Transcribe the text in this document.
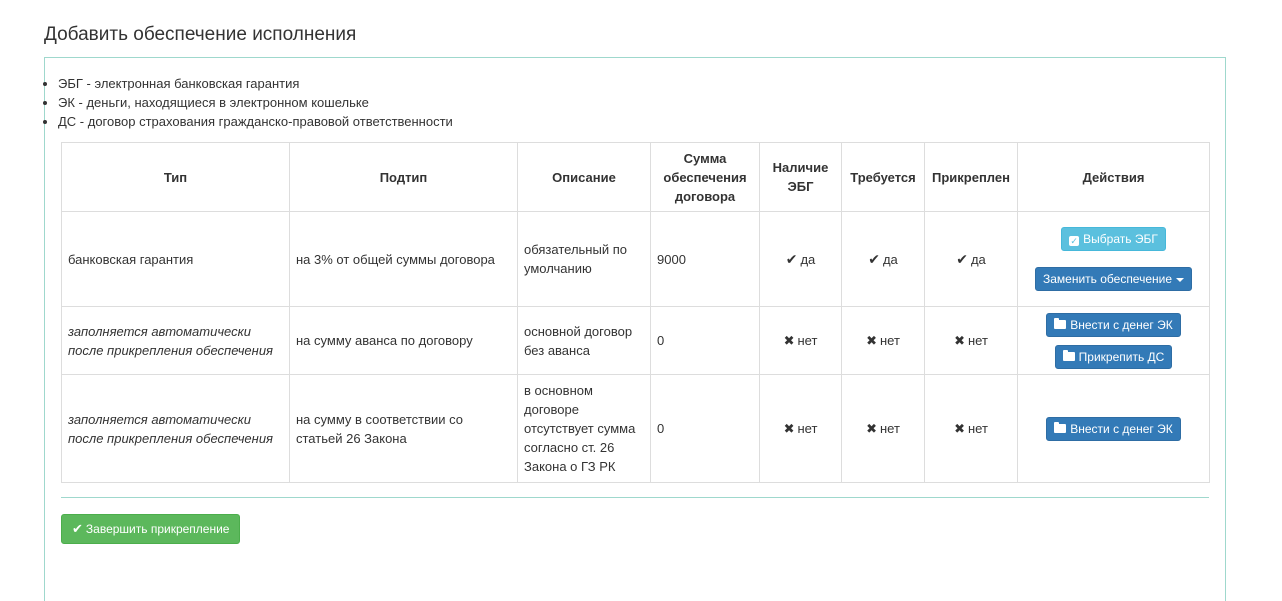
Добавить обеспечение исполнения
• ЭБГ - электронная банковская гарантия
• ЭК - деньги, находящиеся в электронном кошельке
• ДС - договор страхования гражданско-правовой ответственности
Тип	Подтип	Описание	Сумма обеспечения договора	Наличие ЭБГ	Требуется	Прикреплен	Действия
банковская гарантия	на 3% от общей суммы договора	обязательный по умолчанию	9000	✔ да	✔ да	✔ да	✓ Выбрать ЭБГ
Заменить обеспечение
заполняется автоматически после прикрепления обеспечения	на сумму аванса по договору	основной договор без аванса	0	✖ нет	✖ нет	✖ нет	Внести с денег ЭК
Прикрепить ДС
заполняется автоматически после прикрепления обеспечения	на сумму в соответствии со статьей 26 Закона	в основном договоре отсутствует сумма согласно ст. 26 Закона о ГЗ РК	0	✖ нет	✖ нет	✖ нет	Внести с денег ЭК
✔ Завершить прикрепление
